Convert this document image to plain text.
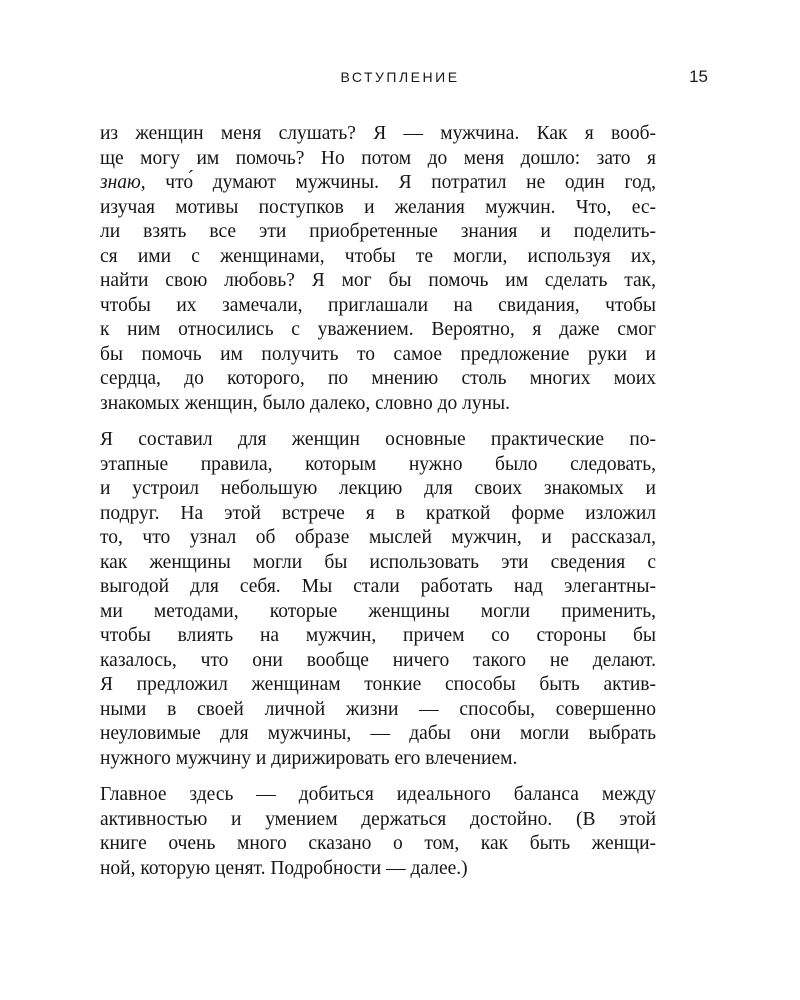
ВСТУПЛЕНИЕ	15
из женщин меня слушать? Я — мужчина. Как я вооб-
ще могу им помочь? Но потом до меня дошло: зато я
знаю, что́ думают мужчины. Я потратил не один год,
изучая мотивы поступков и желания мужчин. Что, ес-
ли взять все эти приобретенные знания и поделить-
ся ими с женщинами, чтобы те могли, используя их,
найти свою любовь? Я мог бы помочь им сделать так,
чтобы их замечали, приглашали на свидания, чтобы
к ним относились с уважением. Вероятно, я даже смог
бы помочь им получить то самое предложение руки и
сердца, до которого, по мнению столь многих моих
знакомых женщин, было далеко, словно до луны.
Я составил для женщин основные практические по-
этапные правила, которым нужно было следовать,
и устроил небольшую лекцию для своих знакомых и
подруг. На этой встрече я в краткой форме изложил
то, что узнал об образе мыслей мужчин, и рассказал,
как женщины могли бы использовать эти сведения с
выгодой для себя. Мы стали работать над элегантны-
ми методами, которые женщины могли применить,
чтобы влиять на мужчин, причем со стороны бы
казалось, что они вообще ничего такого не делают.
Я предложил женщинам тонкие способы быть актив-
ными в своей личной жизни — способы, совершенно
неуловимые для мужчины, — дабы они могли выбрать
нужного мужчину и дирижировать его влечением.
Главное здесь — добиться идеального баланса между
активностью и умением держаться достойно. (В этой
книге очень много сказано о том, как быть женщи-
ной, которую ценят. Подробности — далее.)
